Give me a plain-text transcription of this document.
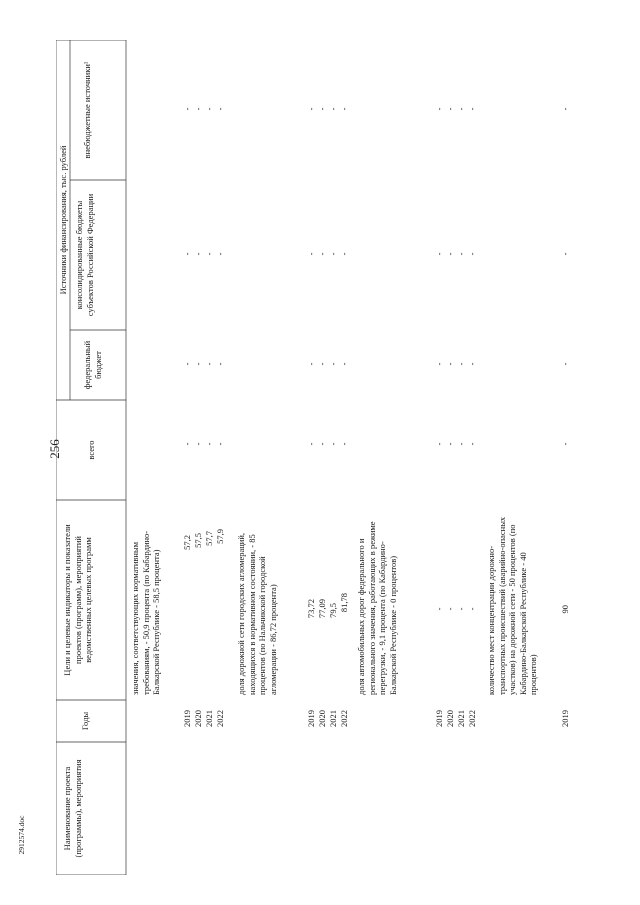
256
2912574.doc	Наименование проекта (программы), мероприятия
Годы
Цели и целевые индикаторы и показатели проектов (программ), мероприятий ведомственных целевых программ
всего
Источники финансирования, тыс. рублей
федеральный бюджет
консолидированные бюджеты субъектов Российской Федерации
внебюджетные источники¹
значения, соответствующих нормативным требованиям, - 50,9 процента (по Кабардино-Балкарской Республике - 58,5 процента)
2019 2020 2021 2022
57,2 57,5 57,7 57,9
- - - -
- - - -
- - - -
- - - -
доля дорожной сети городских агломераций, находящихся в нормативном состоянии, - 85 процентов (по Нальчикской городской агломерации - 86,72 процента)
2019 2020 2021 2022
73,72 77,09 79,5 81,78
- - - -
- - - -
- - - -
- - - -
доля автомобильных дорог федерального и регионального значения, работающих в режиме перегрузки, - 9,1 процента (по Кабардино-Балкарской Республике - 0 процентов)
2019 2020 2021 2022
- - - -
- - - -
- - - -
- - - -
- - - -
количество мест концентрации дорожно-транспортных происшествий (аварийно-опасных участков) на дорожной сети - 50 процентов (по Кабардино-Балкарской Республике - 40 процентов)
2019
90
-
-
-
-
